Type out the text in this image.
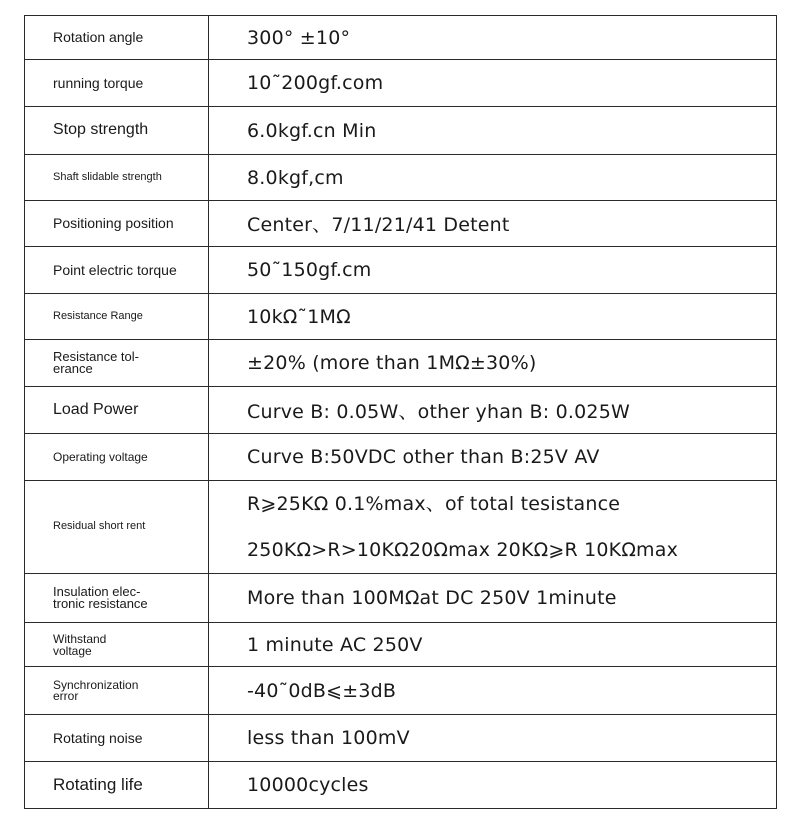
Rotation angle	300° ±10°
running torque	10˜200gf.com
Stop strength	6.0kgf.cn Min
Shaft slidable strength	8.0kgf,cm
Positioning position	Center、7/11/21/41 Detent
Point electric torque	50˜150gf.cm
Resistance Range	10kΩ˜1MΩ

Resistance tol-erance	±20% (more than 1MΩ±30%)
Load Power	Curve B: 0.05W、other yhan B: 0.025W
Operating voltage	Curve B:50VDC other than B:25V AV
Residual short rent	R⩾25KΩ 0.1%max、of total tesistance
250KΩ>R>10KΩ20Ωmax 20KΩ⩾R 10KΩmax

Insulation elec-tronic resistance	More than 100MΩat DC 250V 1minute

Withstand voltage	1 minute AC 250V

Synchronization error	-40˜0dB⩽±3dB
Rotating noise	less than 100mV
Rotating life	10000cycles
